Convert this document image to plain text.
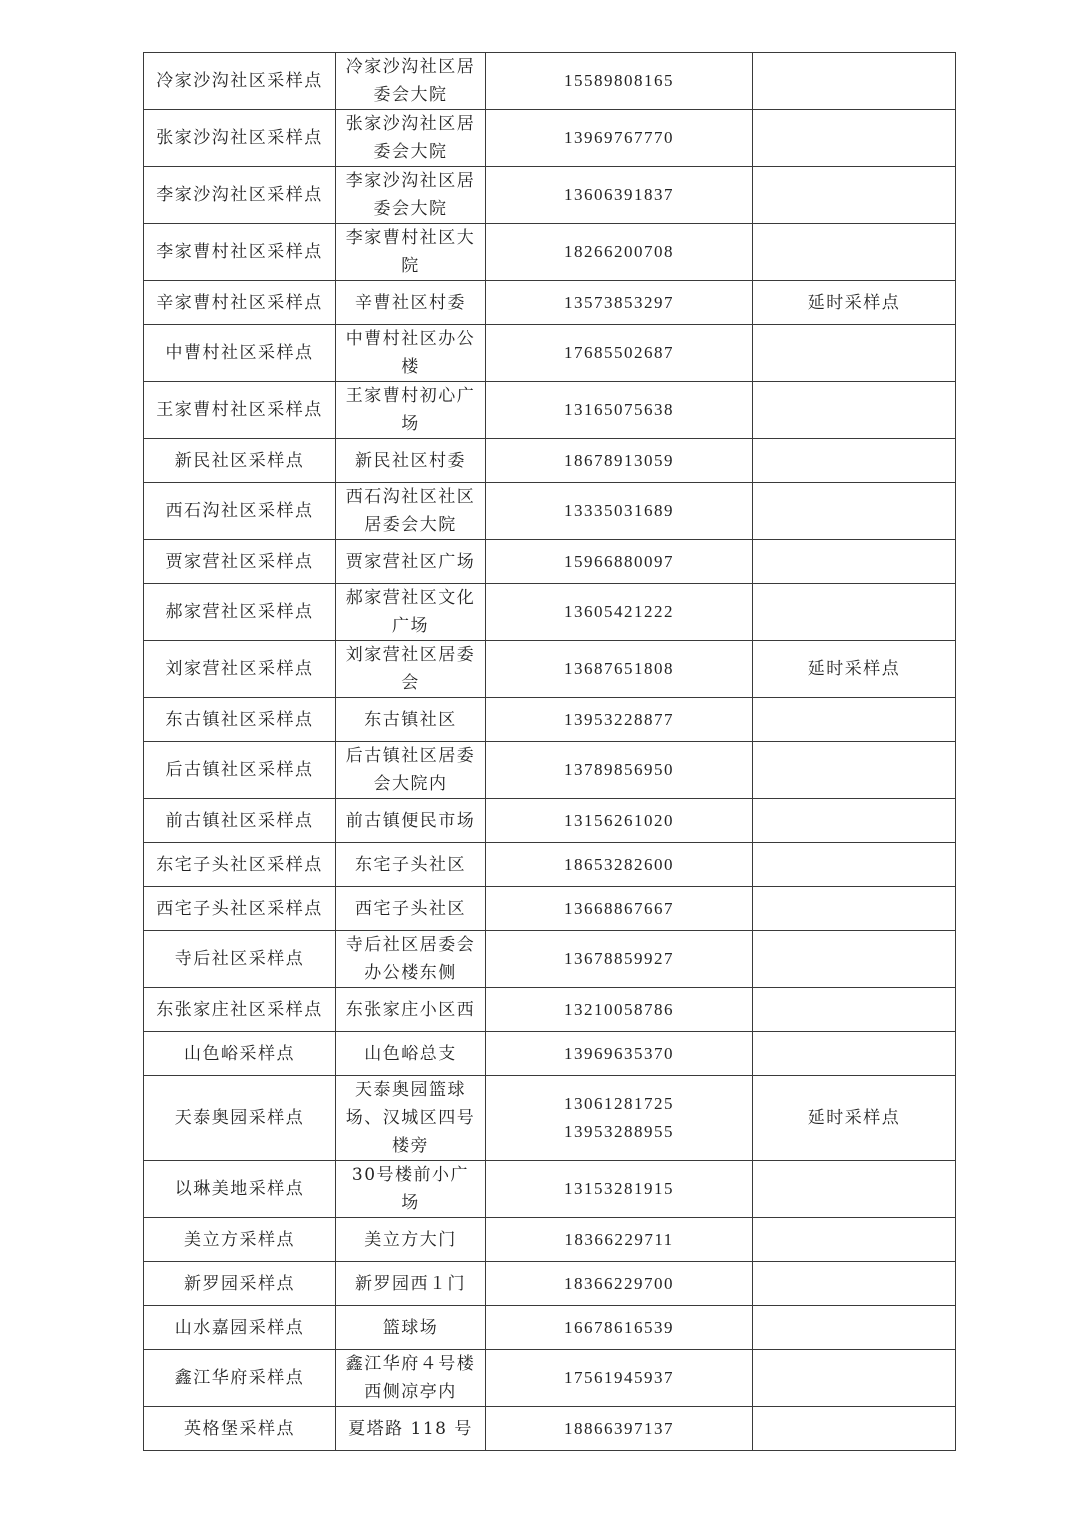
冷家沙沟社区采样点	冷家沙沟社区居
委会大院	15589808165	

张家沙沟社区采样点	张家沙沟社区居
委会大院	13969767770	

李家沙沟社区采样点	李家沙沟社区居
委会大院	13606391837	

李家曹村社区采样点	李家曹村社区大
院	18266200708	

辛家曹村社区采样点	辛曹社区村委	13573853297	延时采样点
中曹村社区采样点	中曹村社区办公
楼	17685502687	

王家曹村社区采样点	王家曹村初心广
场	13165075638	

新民社区采样点	新民社区村委	18678913059	

西石沟社区采样点	西石沟社区社区
居委会大院	13335031689	

贾家营社区采样点	贾家营社区广场	15966880097	

郝家营社区采样点	郝家营社区文化
广场	13605421222	

刘家营社区采样点	刘家营社区居委
会	13687651808	延时采样点
东古镇社区采样点	东古镇社区	13953228877	

后古镇社区采样点	后古镇社区居委
会大院内	13789856950	

前古镇社区采样点	前古镇便民市场	13156261020	

东宅子头社区采样点	东宅子头社区	18653282600	

西宅子头社区采样点	西宅子头社区	13668867667	

寺后社区采样点	寺后社区居委会
办公楼东侧	13678859927	

东张家庄社区采样点	东张家庄小区西	13210058786	

山色峪采样点	山色峪总支	13969635370	

天泰奥园采样点	天泰奥园篮球
场、汉城区四号
楼旁	13061281725
13953288955	延时采样点
以琳美地采样点	30号楼前小广场	13153281915	

美立方采样点	美立方大门	18366229711	

新罗园采样点	新罗园西１门	18366229700	

山水嘉园采样点	篮球场	16678616539	

鑫江华府采样点	鑫江华府４号楼
西侧凉亭内	17561945937	

英格堡采样点	夏塔路 118 号	18866397137	
